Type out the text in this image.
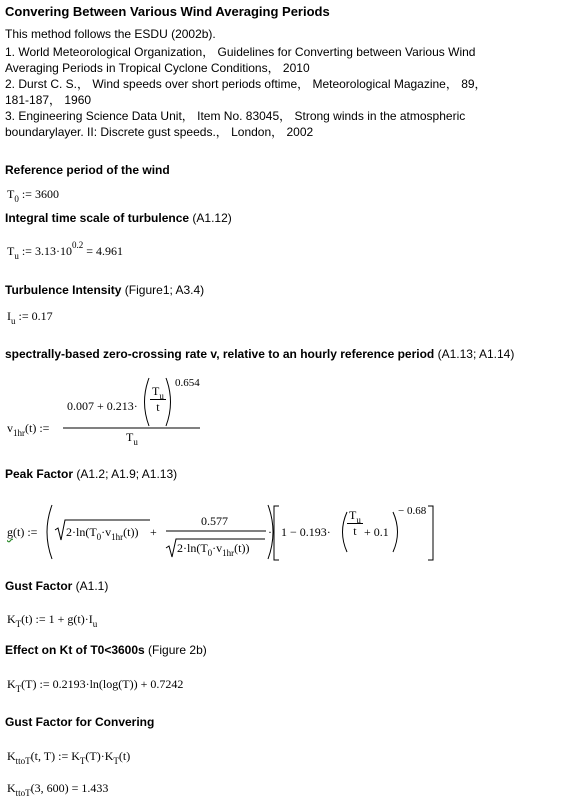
Convering Between Various Wind Averaging Periods
This method follows the ESDU (2002b).
1. World Meteorological Organization， Guidelines for Converting between Various Wind
Averaging Periods in Tropical Cyclone Conditions， 2010
2. Durst C. S.， Wind speeds over short periods oftime， Meteorological Magazine， 89，
181-187， 1960
3. Engineering Science Data Unit， Item No. 83045， Strong winds in the atmospheric
boundarylayer. II: Discrete gust speeds.， London， 2002
Reference period of the wind
$T_0$ := 3600
Integral time scale of turbulence (A1.12)
$T_u$ := $3.13\cdot 10^{0.2} = 4.961$
Turbulence Intensity (Figure1; A3.4)
$I_u$ := 0.17
spectrally-based zero-crossing rate v, relative to an hourly reference period (A1.13; A1.14)
$v_{1hr}(t)$ :=
$0.007 + 0.213\cdot \frac{T_u}{t}$
0.654
$T_u$
Peak Factor (A1.2; A1.9; A1.13)
g(t) := $2\cdot\ln(T_0\cdot v_{1hr}(t))$ +
0.577
$2\cdot\ln(T_0\cdot v_{1hr}(t))$
· $1 - 0.193\cdot \frac{T_u}{t} + 0.1$
− 0.68
Gust Factor (A1.1)
$K_T(t)$ := $1 + g(t)\cdot I_u$
Effect on Kt of T0<3600s (Figure 2b)
$K_T(T)$ := 0.2193·ln(log(T)) + 0.7242
Gust Factor for Convering
$K_{ttoT}(t$, T) := $K_T(T)\cdot K_T(t)$
$K_{ttoT}(3$, 600) = 1.433
